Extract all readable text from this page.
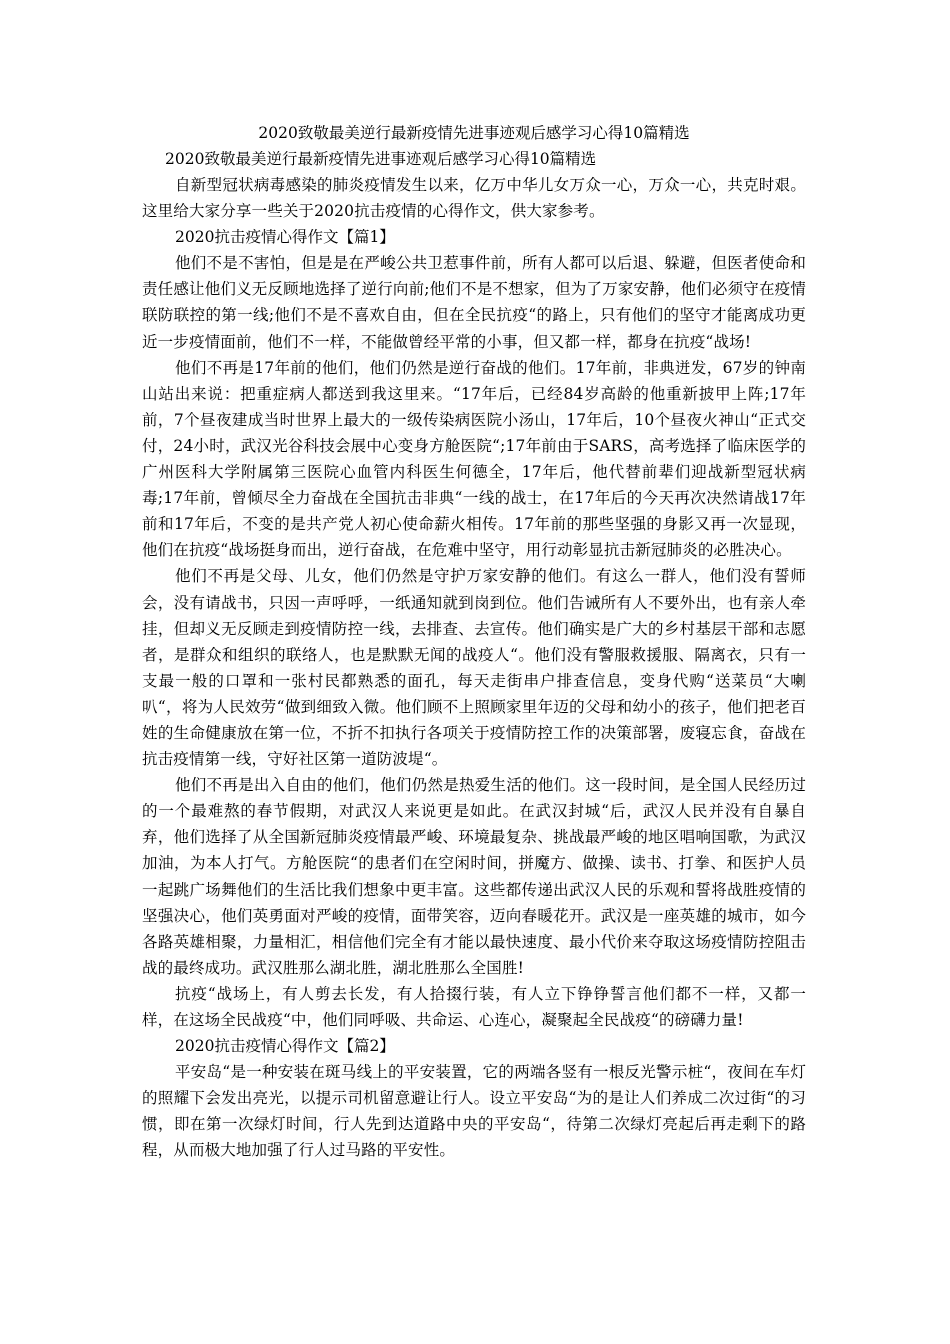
2020致敬最美逆行最新疫情先进事迹观后感学习心得10篇精选
2020致敬最美逆行最新疫情先进事迹观后感学习心得10篇精选

自新型冠状病毒感染的肺炎疫情发生以来，亿万中华儿女万众一心，万众一心，共克时艰。这里给大家分享一些关于2020抗击疫情的心得作文，供大家参考。

2020抗击疫情心得作文【篇1】

他们不是不害怕，但是是在严峻公共卫惹事件前，所有人都可以后退、躲避，但医者使命和责任感让他们义无反顾地选择了逆行向前;他们不是不想家，但为了万家安静，他们必须守在疫情联防联控的第一线;他们不是不喜欢自由，但在全民抗疫“的路上，只有他们的坚守才能离成功更近一步疫情面前，他们不一样，不能做曾经平常的小事，但又都一样，都身在抗疫“战场!

他们不再是17年前的他们，他们仍然是逆行奋战的他们。17年前，非典迸发，67岁的钟南山站出来说：把重症病人都送到我这里来。“17年后，已经84岁高龄的他重新披甲上阵;17年前，7个昼夜建成当时世界上最大的一级传染病医院小汤山，17年后，10个昼夜火神山“正式交付，24小时，武汉光谷科技会展中心变身方舱医院“;17年前由于SARS，高考选择了临床医学的广州医科大学附属第三医院心血管内科医生何德全，17年后，他代替前辈们迎战新型冠状病毒;17年前，曾倾尽全力奋战在全国抗击非典“一线的战士，在17年后的今天再次决然请战17年前和17年后，不变的是共产党人初心使命薪火相传。17年前的那些坚强的身影又再一次显现，他们在抗疫“战场挺身而出，逆行奋战，在危难中坚守，用行动彰显抗击新冠肺炎的必胜决心。

他们不再是父母、儿女，他们仍然是守护万家安静的他们。有这么一群人，他们没有誓师会，没有请战书，只因一声呼呼，一纸通知就到岗到位。他们告诫所有人不要外出，也有亲人牵挂，但却义无反顾走到疫情防控一线，去排查、去宣传。他们确实是广大的乡村基层干部和志愿者，是群众和组织的联络人，也是默默无闻的战疫人“。他们没有警服救援服、隔离衣，只有一支最一般的口罩和一张村民都熟悉的面孔，每天走街串户排查信息，变身代购“送菜员“大喇叭“，将为人民效劳“做到细致入微。他们顾不上照顾家里年迈的父母和幼小的孩子，他们把老百姓的生命健康放在第一位，不折不扣执行各项关于疫情防控工作的决策部署，废寝忘食，奋战在抗击疫情第一线，守好社区第一道防波堤“。

他们不再是出入自由的他们，他们仍然是热爱生活的他们。这一段时间，是全国人民经历过的一个最难熬的春节假期，对武汉人来说更是如此。在武汉封城“后，武汉人民并没有自暴自弃，他们选择了从全国新冠肺炎疫情最严峻、环境最复杂、挑战最严峻的地区唱响国歌，为武汉加油，为本人打气。方舱医院“的患者们在空闲时间，拼魔方、做操、读书、打拳、和医护人员一起跳广场舞他们的生活比我们想象中更丰富。这些都传递出武汉人民的乐观和誓将战胜疫情的坚强决心，他们英勇面对严峻的疫情，面带笑容，迈向春暖花开。武汉是一座英雄的城市，如今各路英雄相聚，力量相汇，相信他们完全有才能以最快速度、最小代价来夺取这场疫情防控阻击战的最终成功。武汉胜那么湖北胜，湖北胜那么全国胜!

抗疫“战场上，有人剪去长发，有人拾掇行装，有人立下铮铮誓言他们都不一样，又都一样，在这场全民战疫“中，他们同呼吸、共命运、心连心，凝聚起全民战疫“的磅礴力量!

2020抗击疫情心得作文【篇2】

平安岛“是一种安装在斑马线上的平安装置，它的两端各竖有一根反光警示桩“，夜间在车灯的照耀下会发出亮光，以提示司机留意避让行人。设立平安岛“为的是让人们养成二次过街“的习惯，即在第一次绿灯时间，行人先到达道路中央的平安岛“，待第二次绿灯亮起后再走剩下的路程，从而极大地加强了行人过马路的平安性。
